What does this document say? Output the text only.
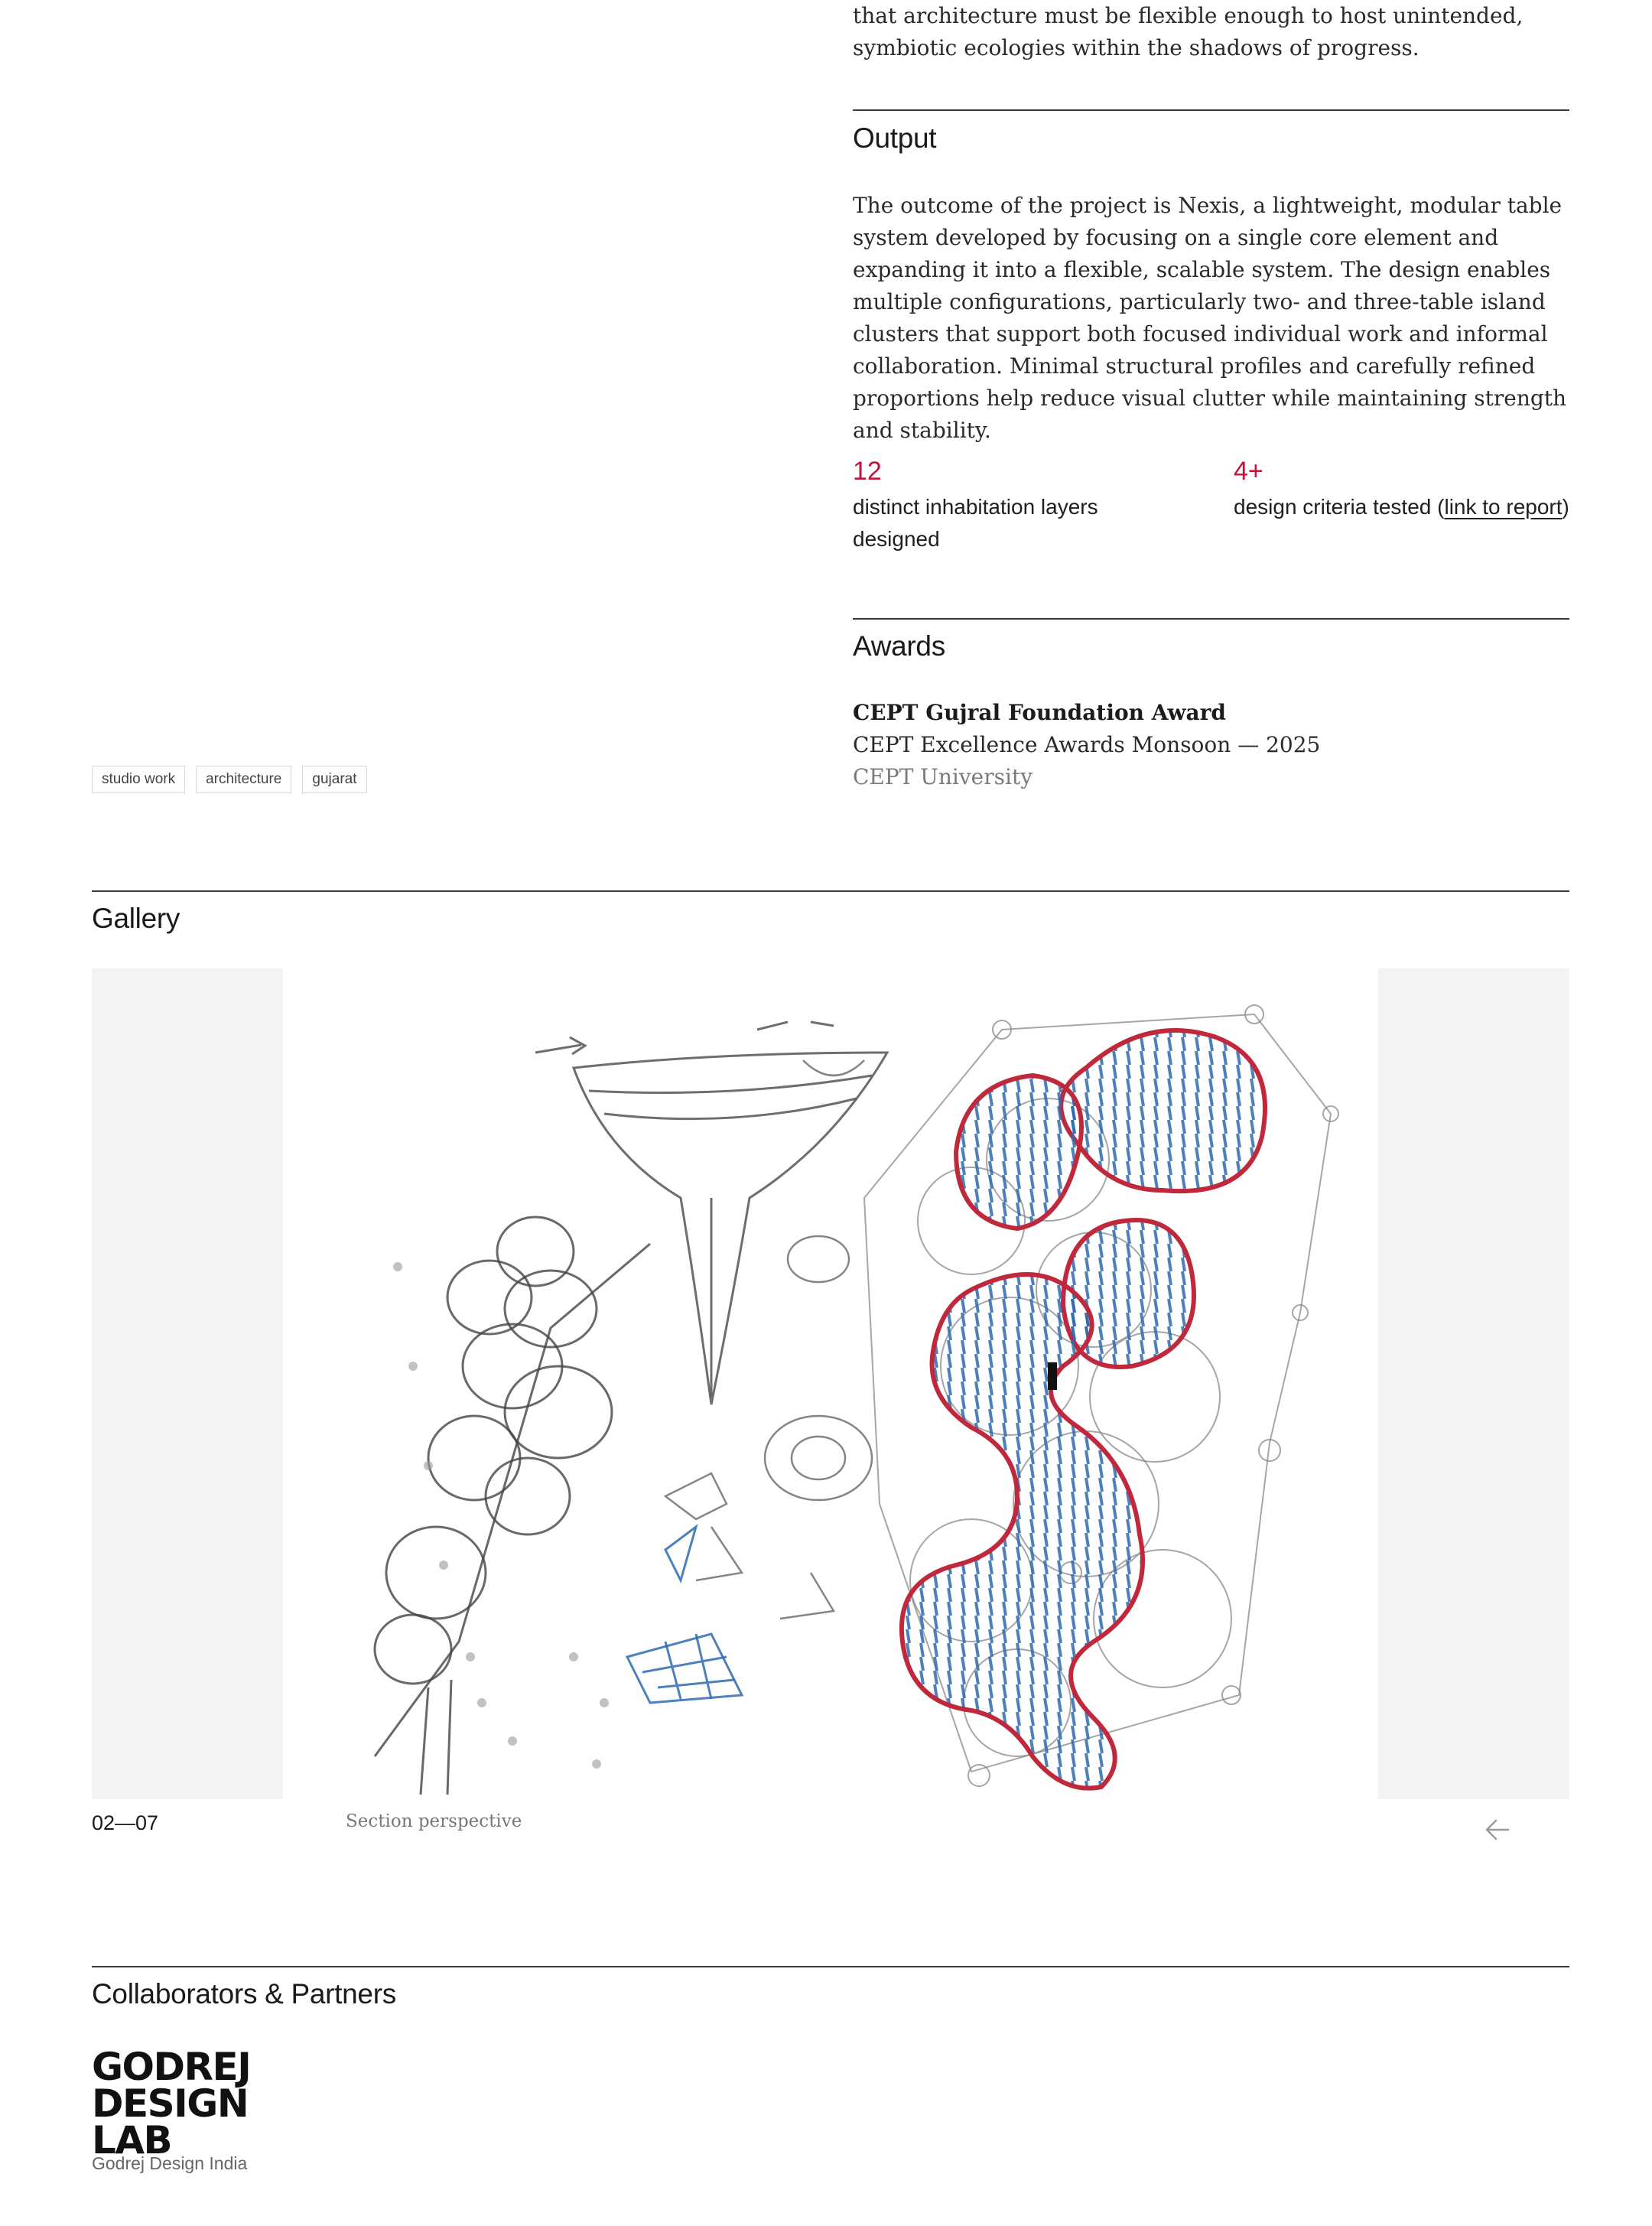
that architecture must be flexible enough to host unintended, symbiotic ecologies within the shadows of progress.
Output
The outcome of the project is Nexis, a lightweight, modular table system developed by focusing on a single core element and expanding it into a flexible, scalable system. The design enables multiple configurations, particularly two- and three-table island clusters that support both focused individual work and informal collaboration. Minimal structural profiles and carefully refined proportions help reduce visual clutter while maintaining strength and stability.
12
distinct inhabitation layers designed
4+
design criteria tested (link to report)
Awards
CEPT Gujral Foundation Award
CEPT Excellence Awards Monsoon — 2025
CEPT University
studio work	architecture	gujarat
Gallery
02—07	Section perspective
Collaborators & Partners
GODREJ
DESIGN
LAB
Godrej Design India
